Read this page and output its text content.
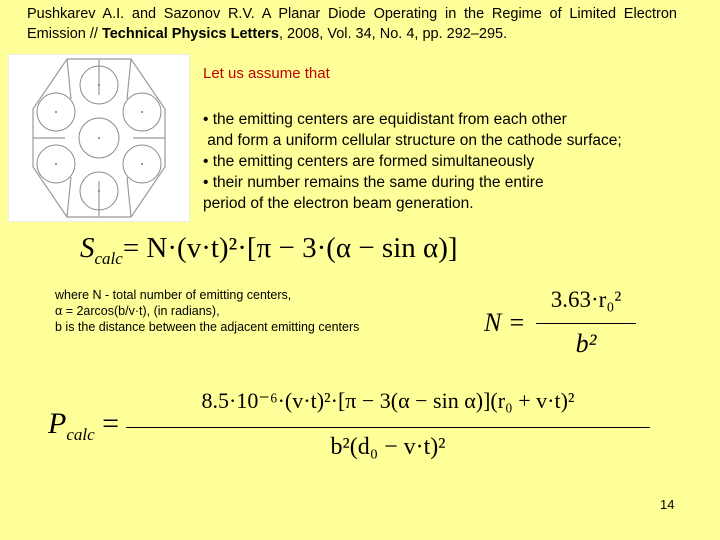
Pushkarev A.I. and Sazonov R.V. A Planar Diode Operating in the Regime of Limited Electron Emission // Technical Physics Letters, 2008, Vol. 34, No. 4, pp. 292–295.
Let us assume that
• the emitting centers are equidistant from each other
and form a uniform cellular structure on the cathode surface;
• the emitting centers are formed simultaneously
• their number remains the same during the entire
period of the electron beam generation.
$S_{calc}= N\cdot(v\cdot t)^2\cdot[\pi - 3\cdot(\alpha - \sin \alpha)]$
where N - total number of emitting centers,
α = 2arcos(b/v·t), (in radians),
b is the distance between the adjacent emitting centers	N =
3.63·r₀²
b²
$P_{calc}$ =
8.5·10⁻⁶·(v·t)²·[π − 3(α − sin α)](r₀ + v·t)²
b²(d₀ − v·t)²
14
